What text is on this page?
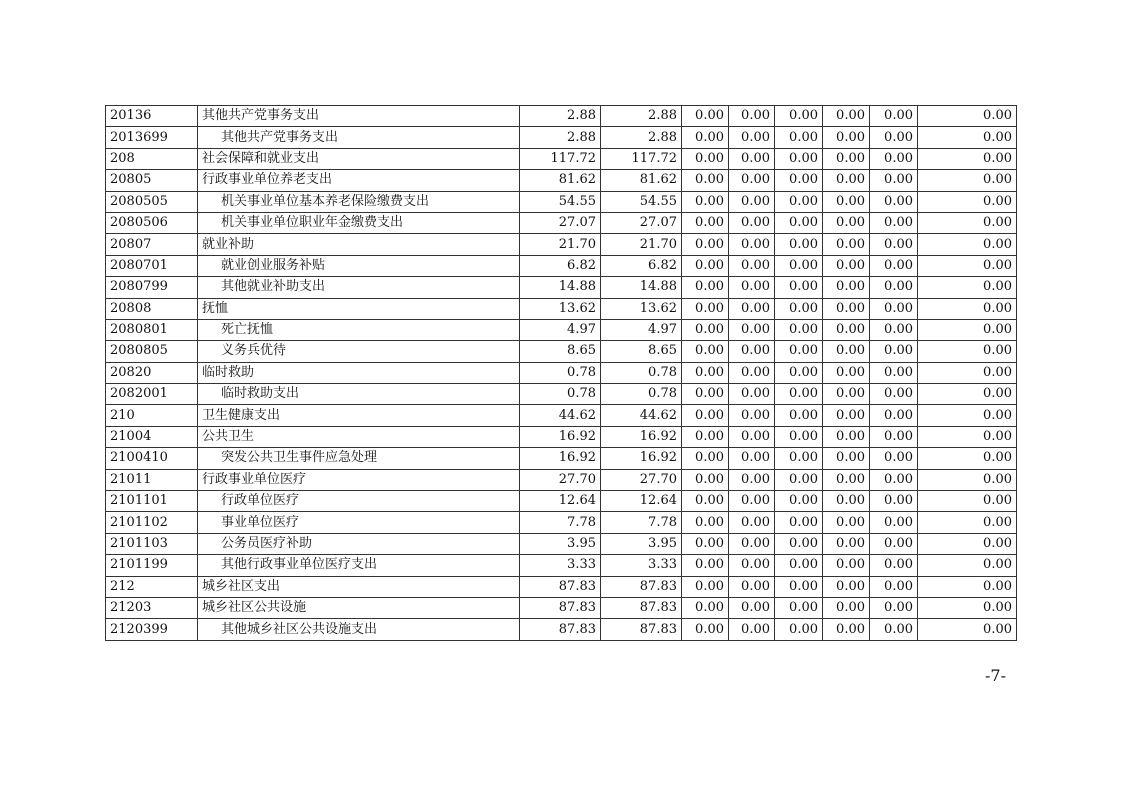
20136	其他共产党事务支出	2.88	2.88	0.00	0.00	0.00	0.00	0.00	0.00
2013699	其他共产党事务支出	2.88	2.88	0.00	0.00	0.00	0.00	0.00	0.00
208	社会保障和就业支出	117.72	117.72	0.00	0.00	0.00	0.00	0.00	0.00
20805	行政事业单位养老支出	81.62	81.62	0.00	0.00	0.00	0.00	0.00	0.00
2080505	机关事业单位基本养老保险缴费支出	54.55	54.55	0.00	0.00	0.00	0.00	0.00	0.00
2080506	机关事业单位职业年金缴费支出	27.07	27.07	0.00	0.00	0.00	0.00	0.00	0.00
20807	就业补助	21.70	21.70	0.00	0.00	0.00	0.00	0.00	0.00
2080701	就业创业服务补贴	6.82	6.82	0.00	0.00	0.00	0.00	0.00	0.00
2080799	其他就业补助支出	14.88	14.88	0.00	0.00	0.00	0.00	0.00	0.00
20808	抚恤	13.62	13.62	0.00	0.00	0.00	0.00	0.00	0.00
2080801	死亡抚恤	4.97	4.97	0.00	0.00	0.00	0.00	0.00	0.00
2080805	义务兵优待	8.65	8.65	0.00	0.00	0.00	0.00	0.00	0.00
20820	临时救助	0.78	0.78	0.00	0.00	0.00	0.00	0.00	0.00
2082001	临时救助支出	0.78	0.78	0.00	0.00	0.00	0.00	0.00	0.00
210	卫生健康支出	44.62	44.62	0.00	0.00	0.00	0.00	0.00	0.00
21004	公共卫生	16.92	16.92	0.00	0.00	0.00	0.00	0.00	0.00
2100410	突发公共卫生事件应急处理	16.92	16.92	0.00	0.00	0.00	0.00	0.00	0.00
21011	行政事业单位医疗	27.70	27.70	0.00	0.00	0.00	0.00	0.00	0.00
2101101	行政单位医疗	12.64	12.64	0.00	0.00	0.00	0.00	0.00	0.00
2101102	事业单位医疗	7.78	7.78	0.00	0.00	0.00	0.00	0.00	0.00
2101103	公务员医疗补助	3.95	3.95	0.00	0.00	0.00	0.00	0.00	0.00
2101199	其他行政事业单位医疗支出	3.33	3.33	0.00	0.00	0.00	0.00	0.00	0.00
212	城乡社区支出	87.83	87.83	0.00	0.00	0.00	0.00	0.00	0.00
21203	城乡社区公共设施	87.83	87.83	0.00	0.00	0.00	0.00	0.00	0.00
2120399	其他城乡社区公共设施支出	87.83	87.83	0.00	0.00	0.00	0.00	0.00	0.00
-7-
